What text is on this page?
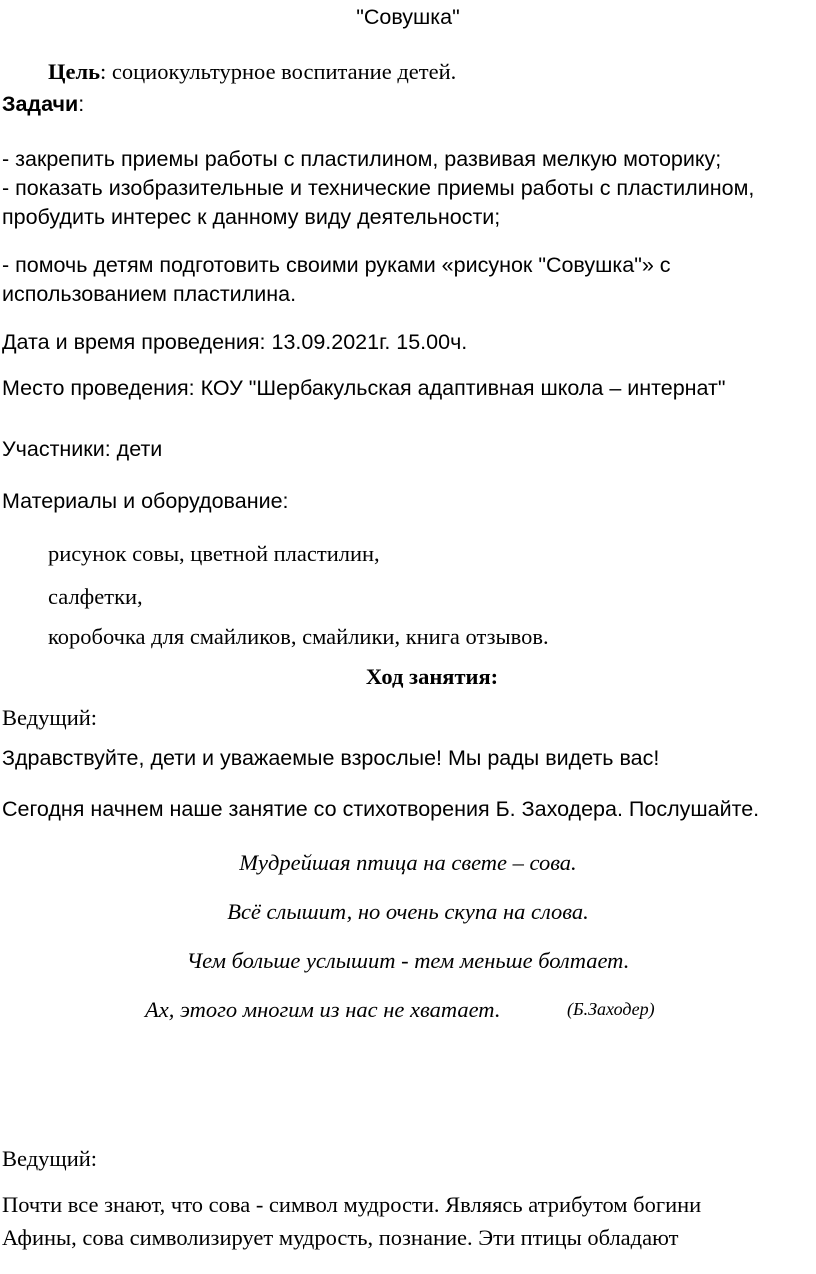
"Совушка"

Цель: социокультурное воспитание детей.

Задачи:

- закрепить приемы работы с пластилином, развивая мелкую моторику;

- показать изобразительные и технические приемы работы с пластилином,

пробудить интерес к данному виду деятельности;

- помочь детям подготовить своими руками «рисунок "Совушка"» с

использованием пластилина.

Дата и время проведения: 13.09.2021г. 15.00ч.

Место проведения: КОУ "Шербакульская адаптивная школа – интернат"

Участники: дети

Материалы и оборудование:

рисунок совы, цветной пластилин,

салфетки,

коробочка для смайликов, смайлики, книга отзывов.

Ход занятия:

Ведущий:

Здравствуйте, дети и уважаемые взрослые! Мы рады видеть вас!

Сегодня начнем наше занятие со стихотворения Б. Заходера. Послушайте.

Мудрейшая птица на свете – сова.

Всё слышит, но очень скупа на слова.

Чем больше услышит - тем меньше болтает.

Ах, этого многим из нас не хватает.	(Б.Заходер)

Ведущий:

Почти все знают, что сова - символ мудрости. Являясь атрибутом богини

Афины, сова символизирует мудрость, познание. Эти птицы обладают
